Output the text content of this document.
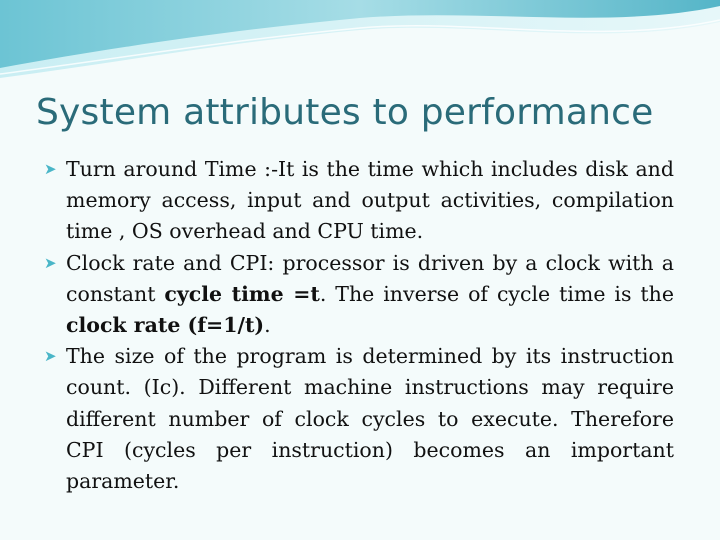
System attributes to performance
➤︎ Turn around Time :-It is the time which includes disk and memory access, input and output activities, compilation time , OS overhead and CPU time.
➤︎ Clock rate and CPI: processor is driven by a clock with a constant cycle time =t. The inverse of cycle time is the clock rate (f=1/t).
➤︎ The size of the program is determined by its instruction count. (Ic). Different machine instructions may require different number of clock cycles to execute. Therefore CPI (cycles per instruction) becomes an important parameter.
